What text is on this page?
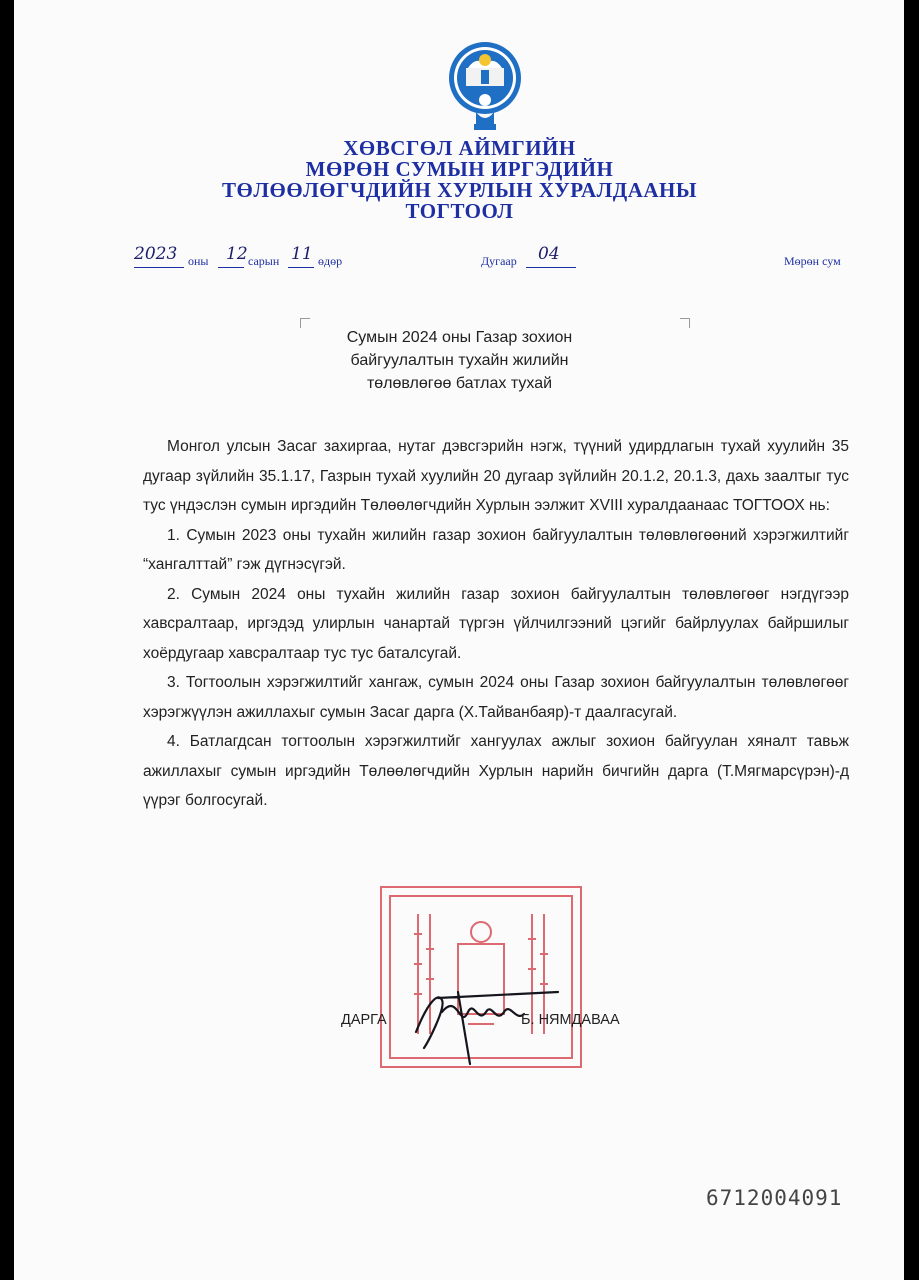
ХӨВСГӨЛ АЙМГИЙН
МӨРӨН СУМЫН ИРГЭДИЙН
ТӨЛӨӨЛӨГЧДИЙН ХУРЛЫН ХУРАЛДААНЫ
ТОГТООЛ
2023 оны 12 сарын 11 өдөр	Дугаар 04	Мөрөн сум
Сумын 2024 оны Газар зохион
байгуулалтын тухайн жилийн
төлөвлөгөө батлах тухай

Монгол улсын Засаг захиргаа, нутаг дэвсгэрийн нэгж, түүний удирдлагын тухай хуулийн 35 дугаар зүйлийн 35.1.17, Газрын тухай хуулийн 20 дугаар зүйлийн 20.1.2, 20.1.3, дахь заалтыг тус тус үндэслэн сумын иргэдийн Төлөөлөгчдийн Хурлын ээлжит XVIII хуралдаанаас ТОГТООХ нь:

1. Сумын 2023 оны тухайн жилийн газар зохион байгуулалтын төлөвлөгөөний хэрэгжилтийг “хангалттай” гэж дүгнэсүгэй.

2. Сумын 2024 оны тухайн жилийн газар зохион байгуулалтын төлөвлөгөөг нэгдүгээр хавсралтаар, иргэдэд улирлын чанартай түргэн үйлчилгээний цэгийг байрлуулах байршилыг хоёрдугаар хавсралтаар тус тус баталсугай.

3. Тогтоолын хэрэгжилтийг хангаж, сумын 2024 оны Газар зохион байгуулалтын төлөвлөгөөг хэрэгжүүлэн ажиллахыг сумын Засаг дарга (Х.Тайванбаяр)-т даалгасугай.

4. Батлагдсан тогтоолын хэрэгжилтийг хангуулах ажлыг зохион байгуулан хяналт тавьж ажиллахыг сумын иргэдийн Төлөөлөгчдийн Хурлын нарийн бичгийн дарга (Т.Мягмарсүрэн)-д үүрэг болгосугай.

ДАРГА	Б. НЯМДАВАА
6712004091
